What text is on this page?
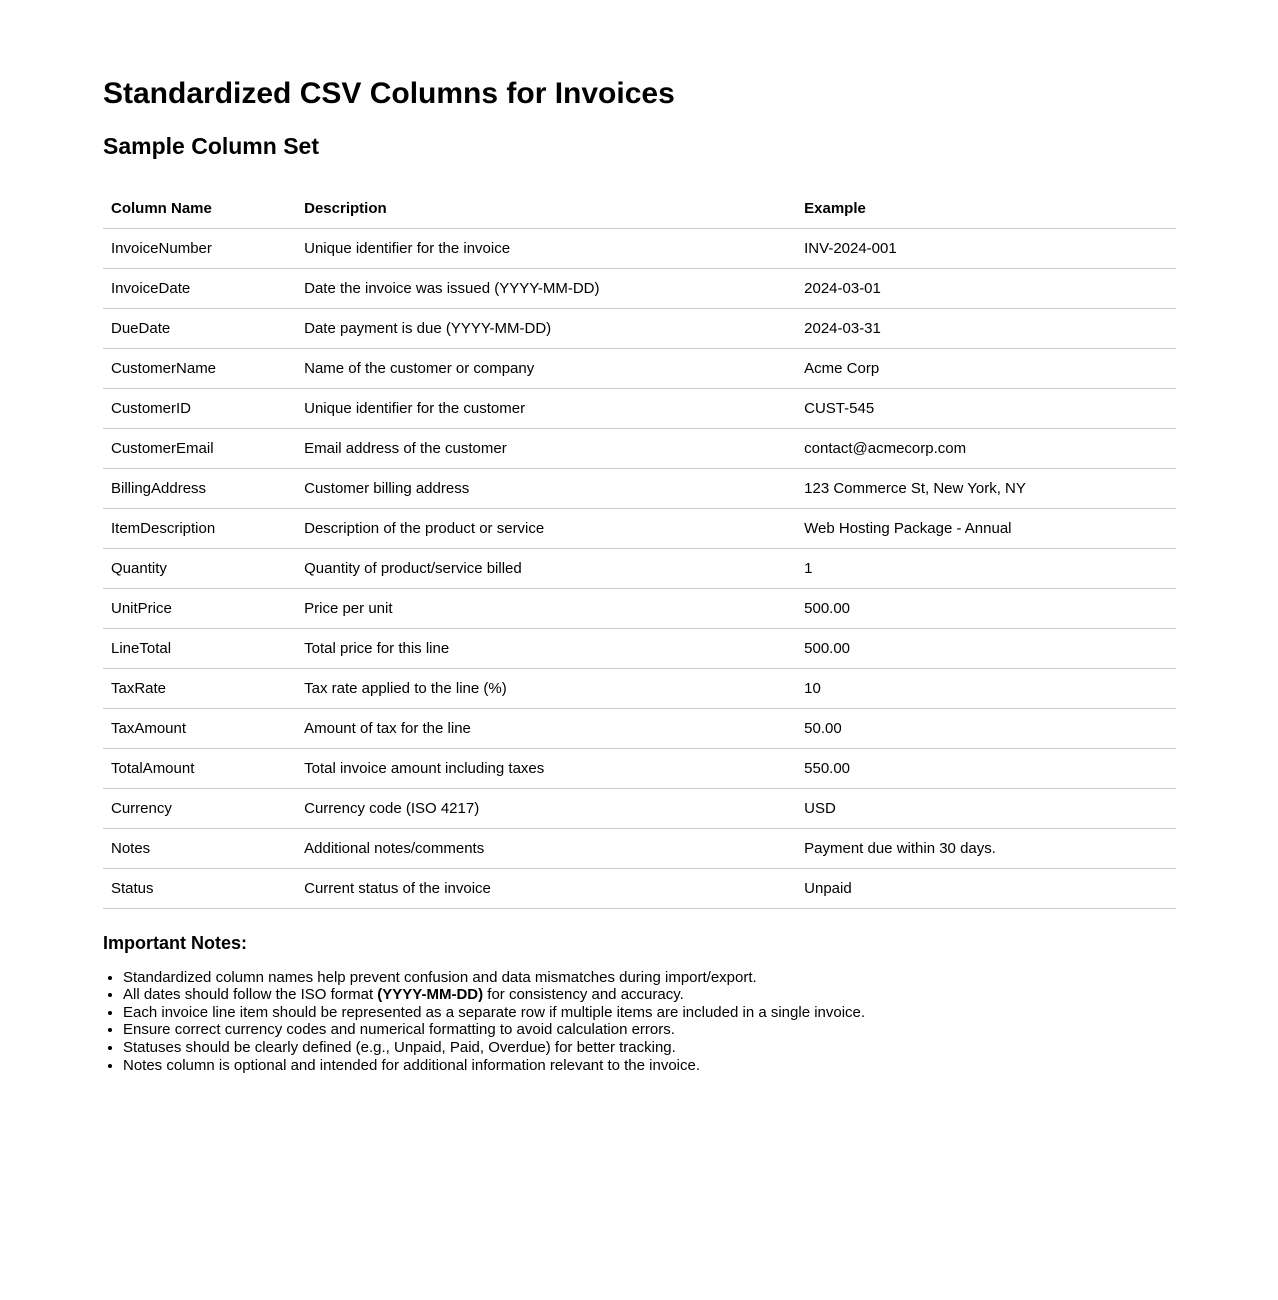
Standardized CSV Columns for Invoices
Sample Column Set
Column Name	Description	Example
InvoiceNumber	Unique identifier for the invoice	INV-2024-001
InvoiceDate	Date the invoice was issued (YYYY-MM-DD)	2024-03-01
DueDate	Date payment is due (YYYY-MM-DD)	2024-03-31
CustomerName	Name of the customer or company	Acme Corp
CustomerID	Unique identifier for the customer	CUST-545
CustomerEmail	Email address of the customer	contact@acmecorp.com
BillingAddress	Customer billing address	123 Commerce St, New York, NY
ItemDescription	Description of the product or service	Web Hosting Package - Annual
Quantity	Quantity of product/service billed	1
UnitPrice	Price per unit	500.00
LineTotal	Total price for this line	500.00
TaxRate	Tax rate applied to the line (%)	10
TaxAmount	Amount of tax for the line	50.00
TotalAmount	Total invoice amount including taxes	550.00
Currency	Currency code (ISO 4217)	USD
Notes	Additional notes/comments	Payment due within 30 days.
Status	Current status of the invoice	Unpaid
Important Notes:
• Standardized column names help prevent confusion and data mismatches during import/export.
• All dates should follow the ISO format (YYYY-MM-DD) for consistency and accuracy.
• Each invoice line item should be represented as a separate row if multiple items are included in a single invoice.
• Ensure correct currency codes and numerical formatting to avoid calculation errors.
• Statuses should be clearly defined (e.g., Unpaid, Paid, Overdue) for better tracking.
• Notes column is optional and intended for additional information relevant to the invoice.
